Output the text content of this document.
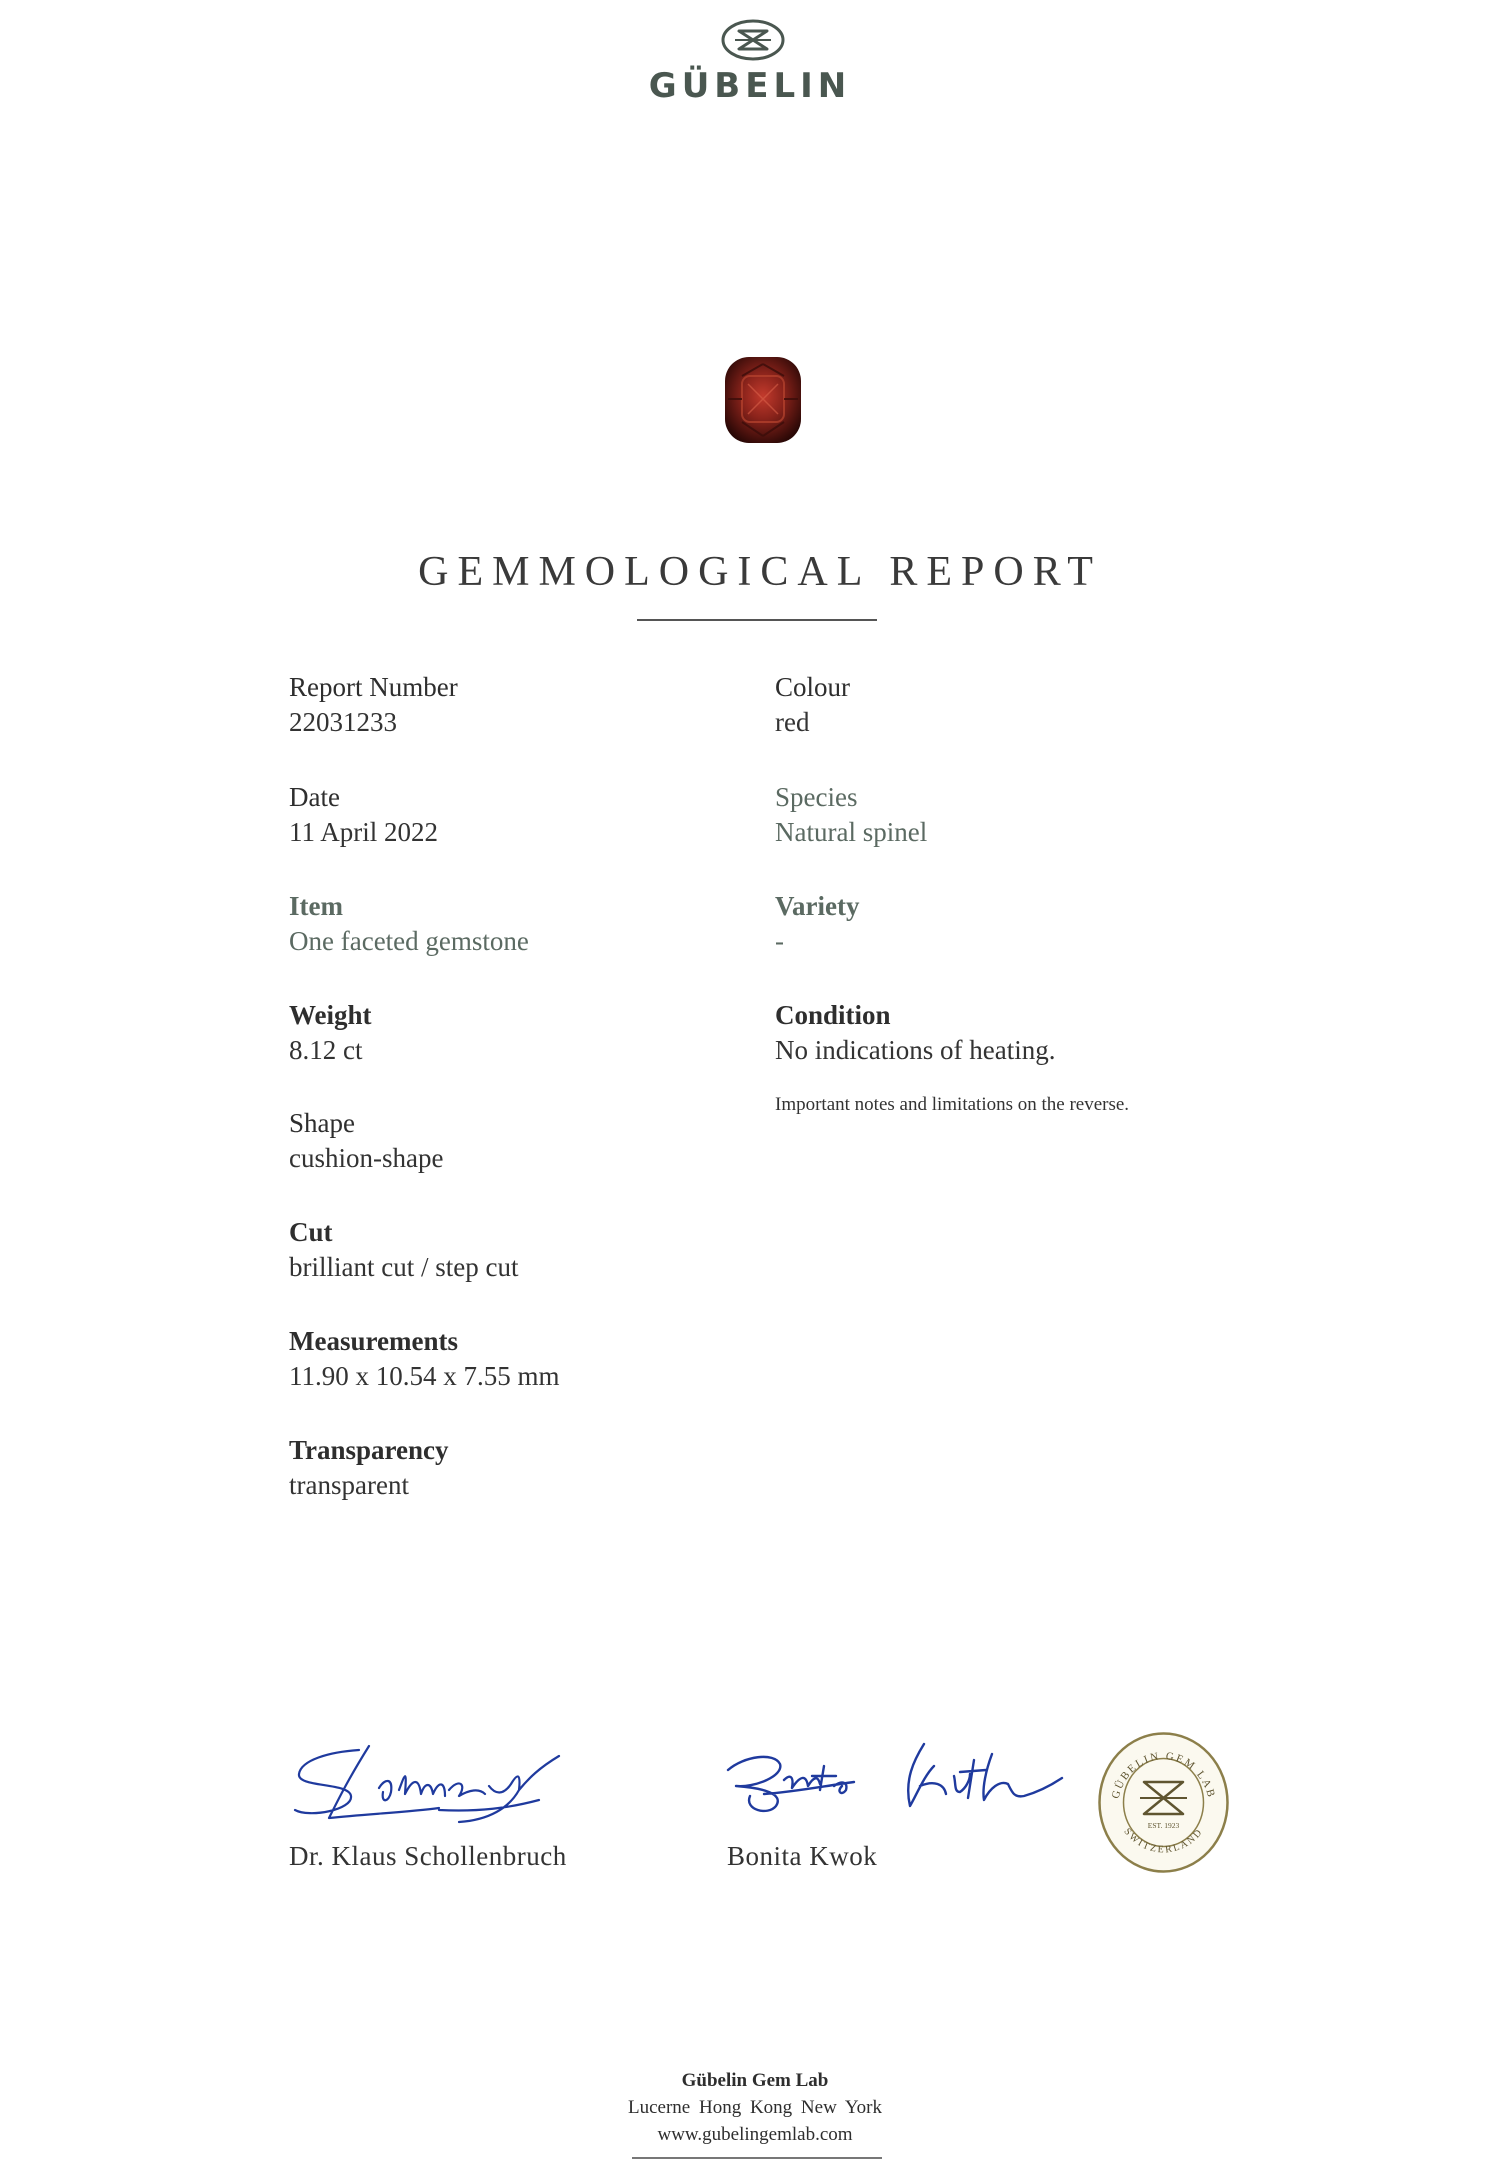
GÜBELIN
GEMMOLOGICAL REPORT
Report Number
22031233
Date
11 April 2022
Item
One faceted gemstone
Weight
8.12 ct
Shape
cushion-shape
Cut
brilliant cut / step cut
Measurements
11.90 x 10.54 x 7.55 mm
Transparency
transparent
Colour
red
Species
Natural spinel
Variety
-
Condition
No indications of heating.
Important notes and limitations on the reverse.
Dr. Klaus Schollenbruch	Bonita Kwok
GÜBELIN GEM LAB
SWITZERLAND
EST. 1923
Gübelin Gem Lab
Lucerne Hong Kong New York
www.gubelingemlab.com
